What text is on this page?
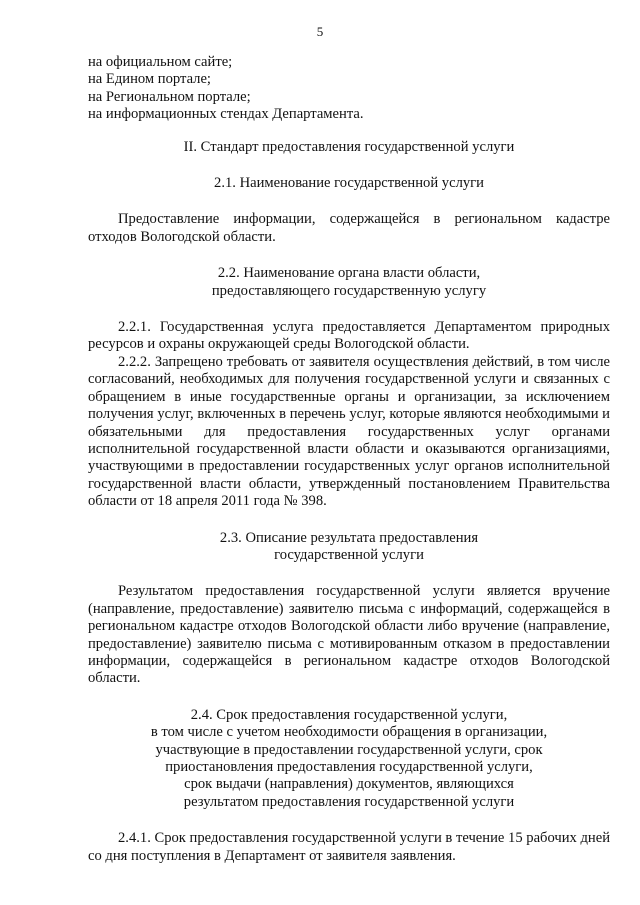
5

на официальном сайте;

на Едином портале;

на Региональном портале;

на информационных стендах Департамента.

II. Стандарт предоставления государственной услуги

2.1. Наименование государственной услуги

Предоставление информации, содержащейся в региональном кадастре отходов Вологодской области.

2.2. Наименование органа власти области,

предоставляющего государственную услугу

2.2.1. Государственная услуга предоставляется Департаментом природных ресурсов и охраны окружающей среды Вологодской области.

2.2.2. Запрещено требовать от заявителя осуществления действий, в том числе согласований, необходимых для получения государственной услуги и связанных с обращением в иные государственные органы и организации, за исключением получения услуг, включенных в перечень услуг, которые являются необходимыми и обязательными для предоставления государственных услуг органами исполнительной государственной власти области и оказываются организациями, участвующими в предоставлении государственных услуг органов исполнительной государственной власти области, утвержденный постановлением Правительства области от 18 апреля 2011 года № 398.

2.3. Описание результата предоставления

государственной услуги

Результатом предоставления государственной услуги является вручение (направление, предоставление) заявителю письма с информаций, содержащейся в региональном кадастре отходов Вологодской области либо вручение (направление, предоставление) заявителю письма с мотивированным отказом в предоставлении информации, содержащейся в региональном кадастре отходов Вологодской области.

2.4. Срок предоставления государственной услуги,

в том числе с учетом необходимости обращения в организации,

участвующие в предоставлении государственной услуги, срок

приостановления предоставления государственной услуги,

срок выдачи (направления) документов, являющихся

результатом предоставления государственной услуги

2.4.1. Срок предоставления государственной услуги в течение 15 рабочих дней со дня поступления в Департамент от заявителя заявления.
